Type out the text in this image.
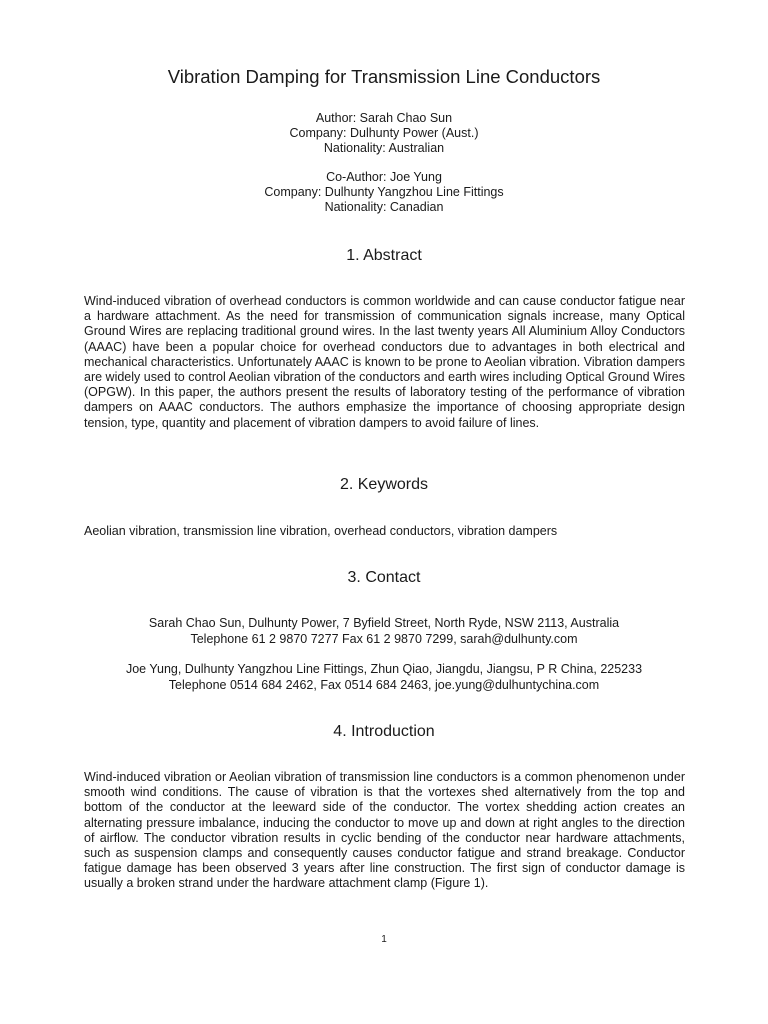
Vibration Damping for Transmission Line Conductors
Author: Sarah Chao Sun
Company: Dulhunty Power (Aust.)
Nationality: Australian
Co-Author: Joe Yung
Company: Dulhunty Yangzhou Line Fittings
Nationality: Canadian
1. Abstract
Wind-induced vibration of overhead conductors is common worldwide and can cause conductor fatigue near a hardware attachment. As the need for transmission of communication signals increase, many Optical Ground Wires are replacing traditional ground wires. In the last twenty years All Aluminium Alloy Conductors (AAAC) have been a popular choice for overhead conductors due to advantages in both electrical and mechanical characteristics. Unfortunately AAAC is known to be prone to Aeolian vibration. Vibration dampers are widely used to control Aeolian vibration of the conductors and earth wires including Optical Ground Wires (OPGW). In this paper, the authors present the results of laboratory testing of the performance of vibration dampers on AAAC conductors. The authors emphasize the importance of choosing appropriate design tension, type, quantity and placement of vibration dampers to avoid failure of lines.
2. Keywords
Aeolian vibration, transmission line vibration, overhead conductors, vibration dampers
3. Contact
Sarah Chao Sun, Dulhunty Power, 7 Byfield Street, North Ryde, NSW 2113, Australia
Telephone 61 2 9870 7277 Fax 61 2 9870 7299, sarah@dulhunty.com
Joe Yung, Dulhunty Yangzhou Line Fittings, Zhun Qiao, Jiangdu, Jiangsu, P R China, 225233
Telephone 0514 684 2462, Fax 0514 684 2463, joe.yung@dulhuntychina.com
4. Introduction
Wind-induced vibration or Aeolian vibration of transmission line conductors is a common phenomenon under smooth wind conditions. The cause of vibration is that the vortexes shed alternatively from the top and bottom of the conductor at the leeward side of the conductor. The vortex shedding action creates an alternating pressure imbalance, inducing the conductor to move up and down at right angles to the direction of airflow. The conductor vibration results in cyclic bending of the conductor near hardware attachments, such as suspension clamps and consequently causes conductor fatigue and strand breakage. Conductor fatigue damage has been observed 3 years after line construction. The first sign of conductor damage is usually a broken strand under the hardware attachment clamp (Figure 1).
1
